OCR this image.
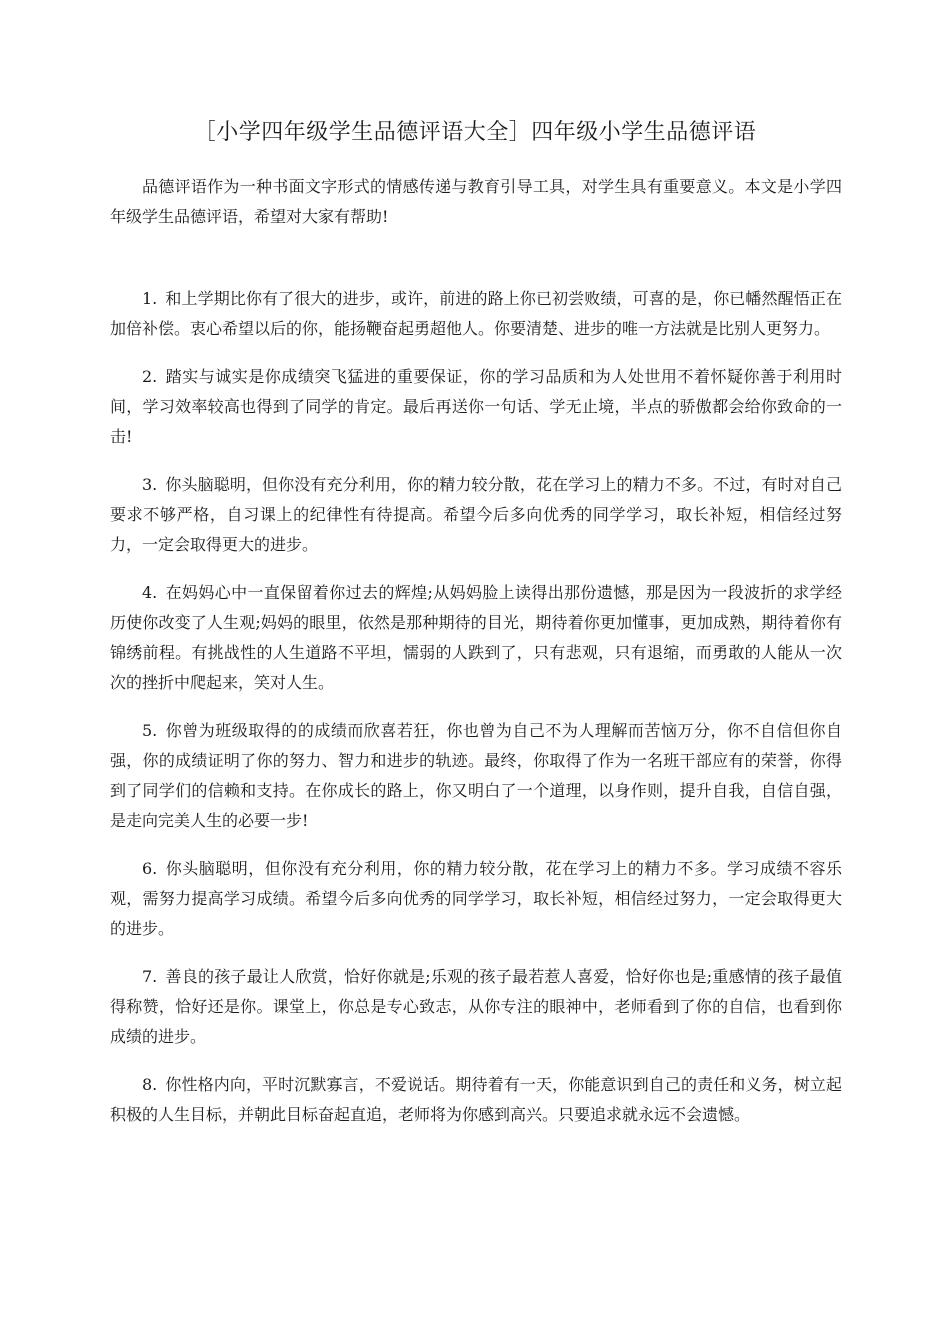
［小学四年级学生品德评语大全］四年级小学生品德评语

品德评语作为一种书面文字形式的情感传递与教育引导工具，对学生具有重要意义。本文是小学四年级学生品德评语，希望对大家有帮助!

1. 和上学期比你有了很大的进步，或许，前进的路上你已初尝败绩，可喜的是，你已幡然醒悟正在加倍补偿。衷心希望以后的你，能扬鞭奋起勇超他人。你要清楚、进步的唯一方法就是比别人更努力。

2. 踏实与诚实是你成绩突飞猛进的重要保证，你的学习品质和为人处世用不着怀疑你善于利用时间，学习效率较高也得到了同学的肯定。最后再送你一句话、学无止境，半点的骄傲都会给你致命的一击!

3. 你头脑聪明，但你没有充分利用，你的精力较分散，花在学习上的精力不多。不过，有时对自己要求不够严格，自习课上的纪律性有待提高。希望今后多向优秀的同学学习，取长补短，相信经过努力，一定会取得更大的进步。

4. 在妈妈心中一直保留着你过去的辉煌;从妈妈脸上读得出那份遗憾，那是因为一段波折的求学经历使你改变了人生观;妈妈的眼里，依然是那种期待的目光，期待着你更加懂事，更加成熟，期待着你有锦绣前程。有挑战性的人生道路不平坦，懦弱的人跌到了，只有悲观，只有退缩，而勇敢的人能从一次次的挫折中爬起来，笑对人生。

5. 你曾为班级取得的的成绩而欣喜若狂，你也曾为自己不为人理解而苦恼万分，你不自信但你自强，你的成绩证明了你的努力、智力和进步的轨迹。最终，你取得了作为一名班干部应有的荣誉，你得到了同学们的信赖和支持。在你成长的路上，你又明白了一个道理，以身作则，提升自我，自信自强，是走向完美人生的必要一步!

6. 你头脑聪明，但你没有充分利用，你的精力较分散，花在学习上的精力不多。学习成绩不容乐观，需努力提高学习成绩。希望今后多向优秀的同学学习，取长补短，相信经过努力，一定会取得更大的进步。

7. 善良的孩子最让人欣赏，恰好你就是;乐观的孩子最若惹人喜爱，恰好你也是;重感情的孩子最值得称赞，恰好还是你。课堂上，你总是专心致志，从你专注的眼神中，老师看到了你的自信，也看到你成绩的进步。

8. 你性格内向，平时沉默寡言，不爱说话。期待着有一天，你能意识到自己的责任和义务，树立起积极的人生目标，并朝此目标奋起直追，老师将为你感到高兴。只要追求就永远不会遗憾。
